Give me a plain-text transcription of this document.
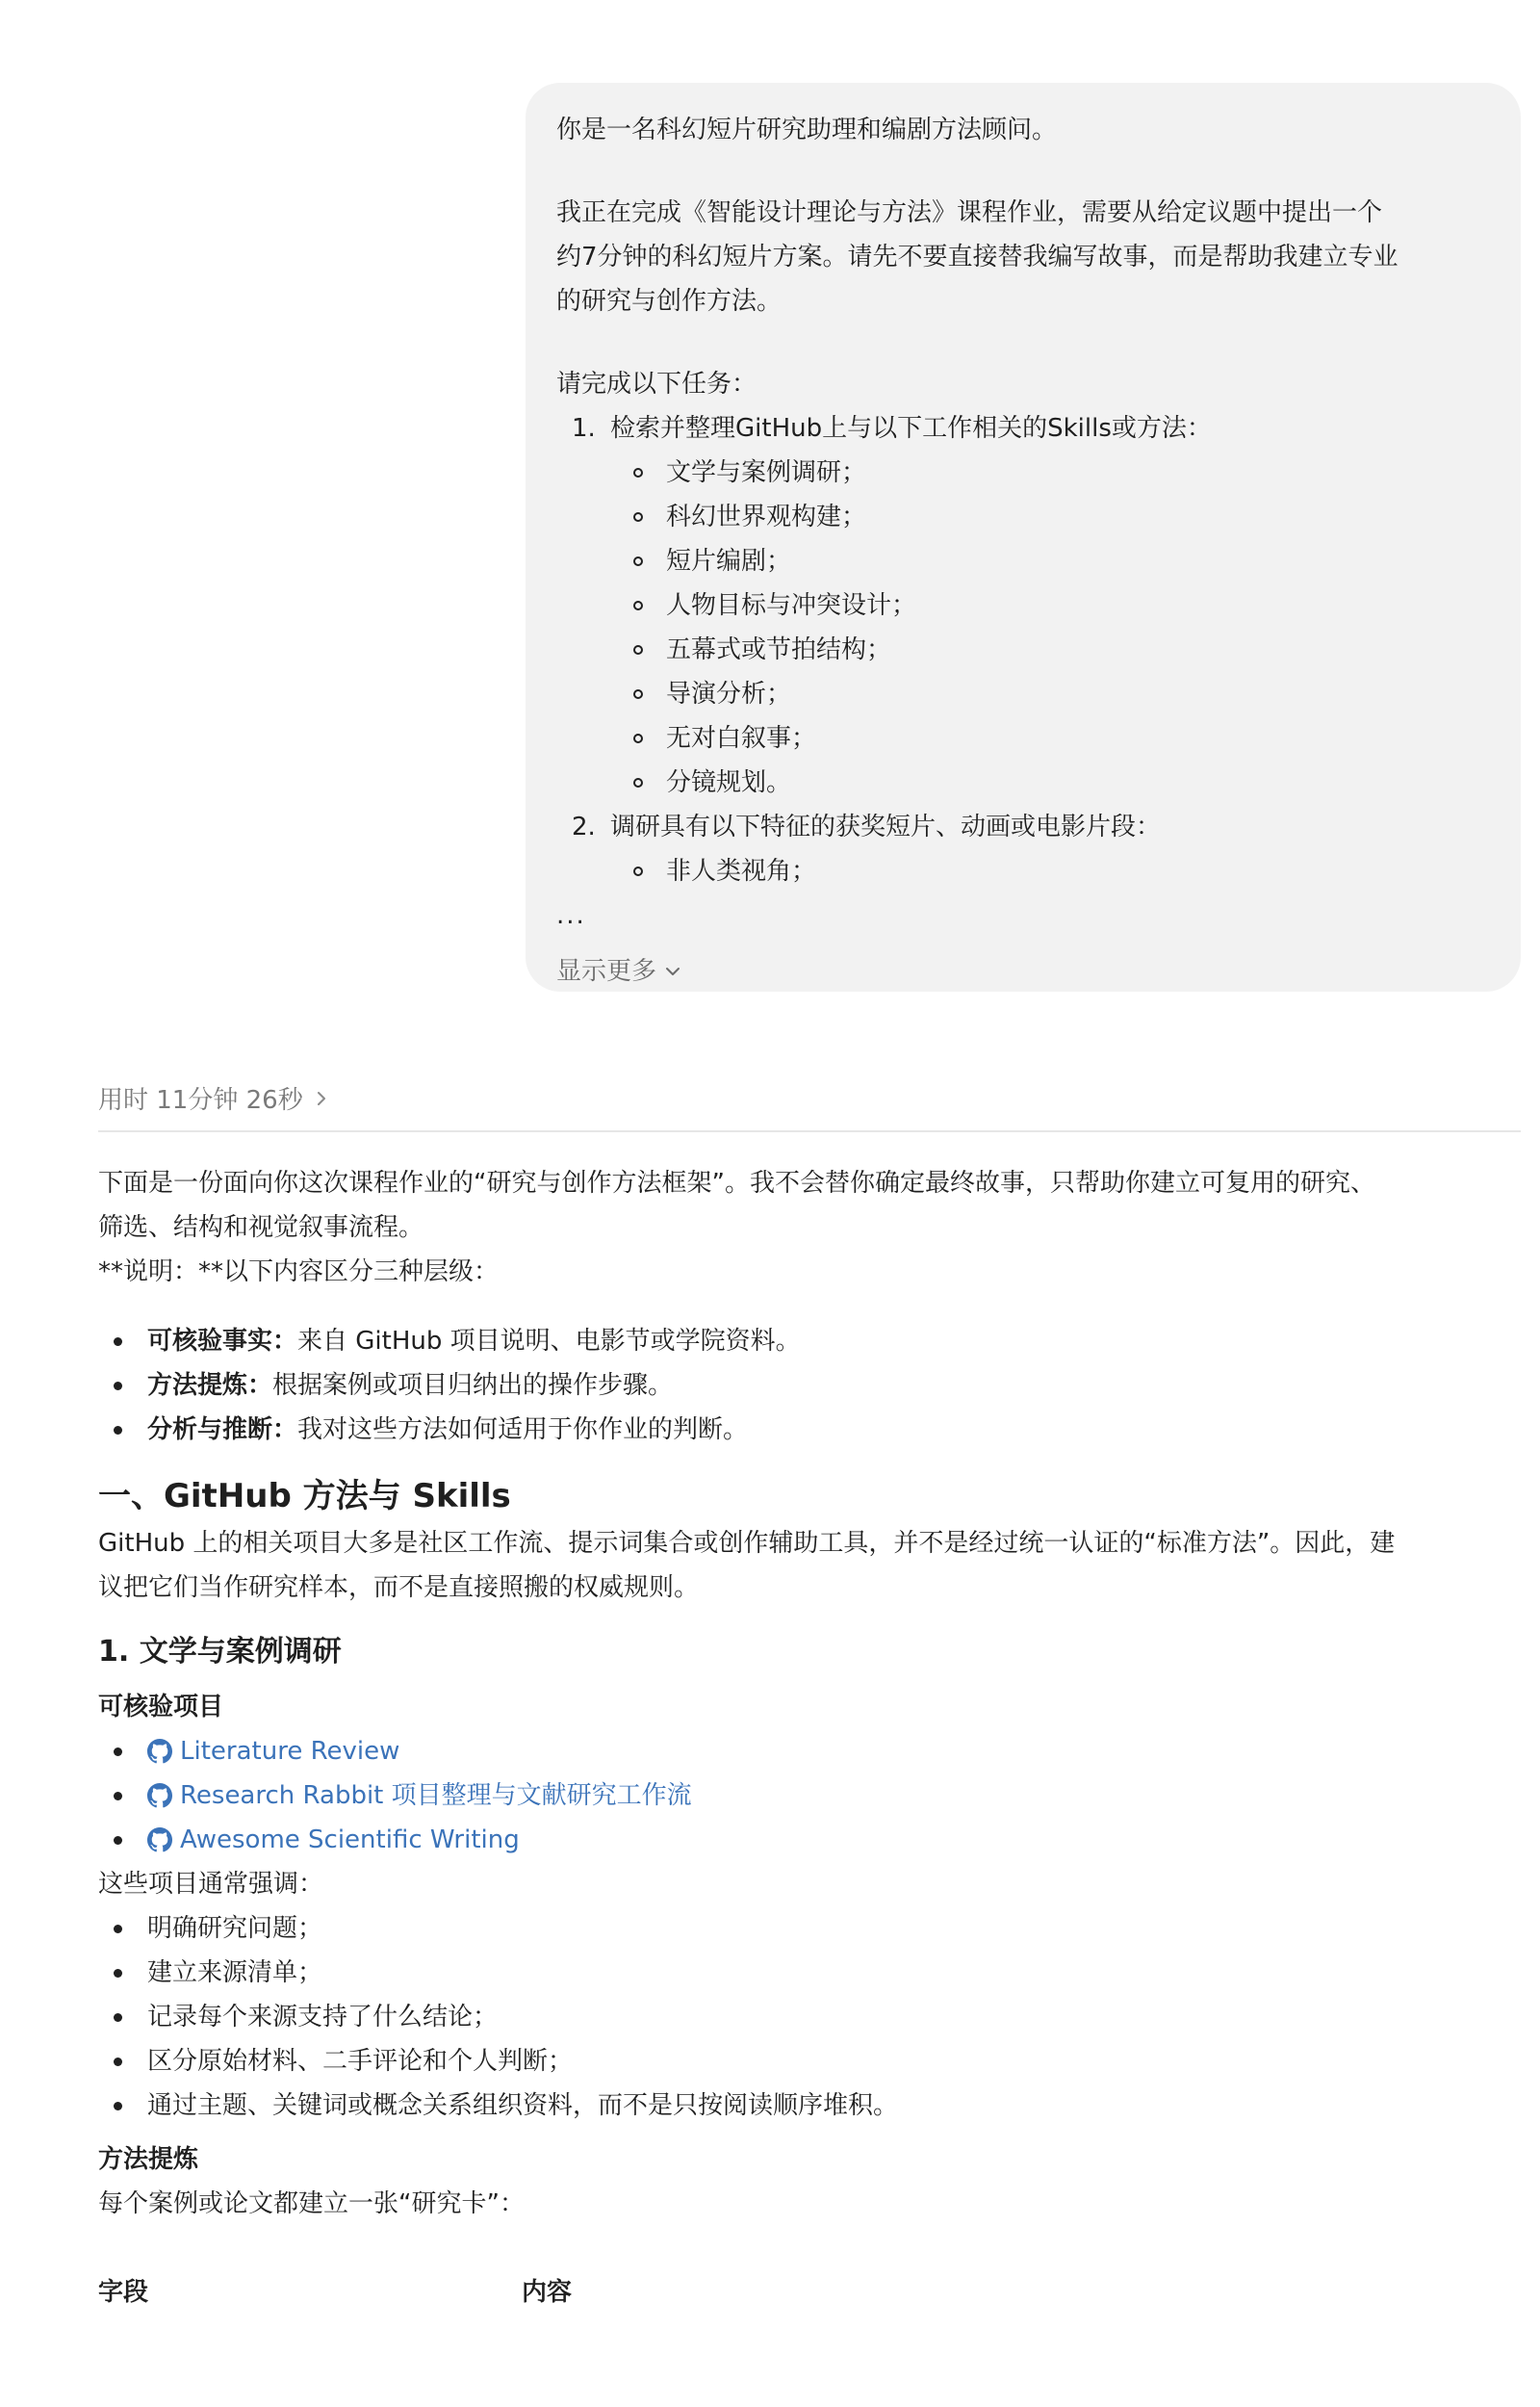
你是一名科幻短片研究助理和编剧方法顾问。

我正在完成《智能设计理论与方法》课程作业，需要从给定议题中提出一个

约7分钟的科幻短片方案。请先不要直接替我编写故事，而是帮助我建立专业

的研究与创作方法。

请完成以下任务：

1. 检索并整理GitHub上与以下工作相关的Skills或方法：
文学与案例调研；
科幻世界观构建；
短片编剧；
人物目标与冲突设计；
五幕式或节拍结构；
导演分析；
无对白叙事；
分镜规划。
2. 调研具有以下特征的获奖短片、动画或电影片段：
非人类视角；

...

显示更多
用时 11分钟 26秒

下面是一份面向你这次课程作业的“研究与创作方法框架”。我不会替你确定最终故事，只帮助你建立可复用的研究、

筛选、结构和视觉叙事流程。

**说明：**以下内容区分三种层级：

可核验事实： 来自 GitHub 项目说明、电影节或学院资料。
方法提炼： 根据案例或项目归纳出的操作步骤。
分析与推断： 我对这些方法如何适用于你作业的判断。
一、GitHub 方法与 Skills

GitHub 上的相关项目大多是社区工作流、提示词集合或创作辅助工具，并不是经过统一认证的“标准方法”。因此，建

议把它们当作研究样本，而不是直接照搬的权威规则。

1. 文学与案例调研
可核验项目
Literature Review
Research Rabbit 项目整理与文献研究工作流
Awesome Scientific Writing

这些项目通常强调：

明确研究问题；
建立来源清单；
记录每个来源支持了什么结论；
区分原始材料、二手评论和个人判断；
通过主题、关键词或概念关系组织资料，而不是只按阅读顺序堆积。
方法提炼

每个案例或论文都建立一张“研究卡”：

字段	内容
